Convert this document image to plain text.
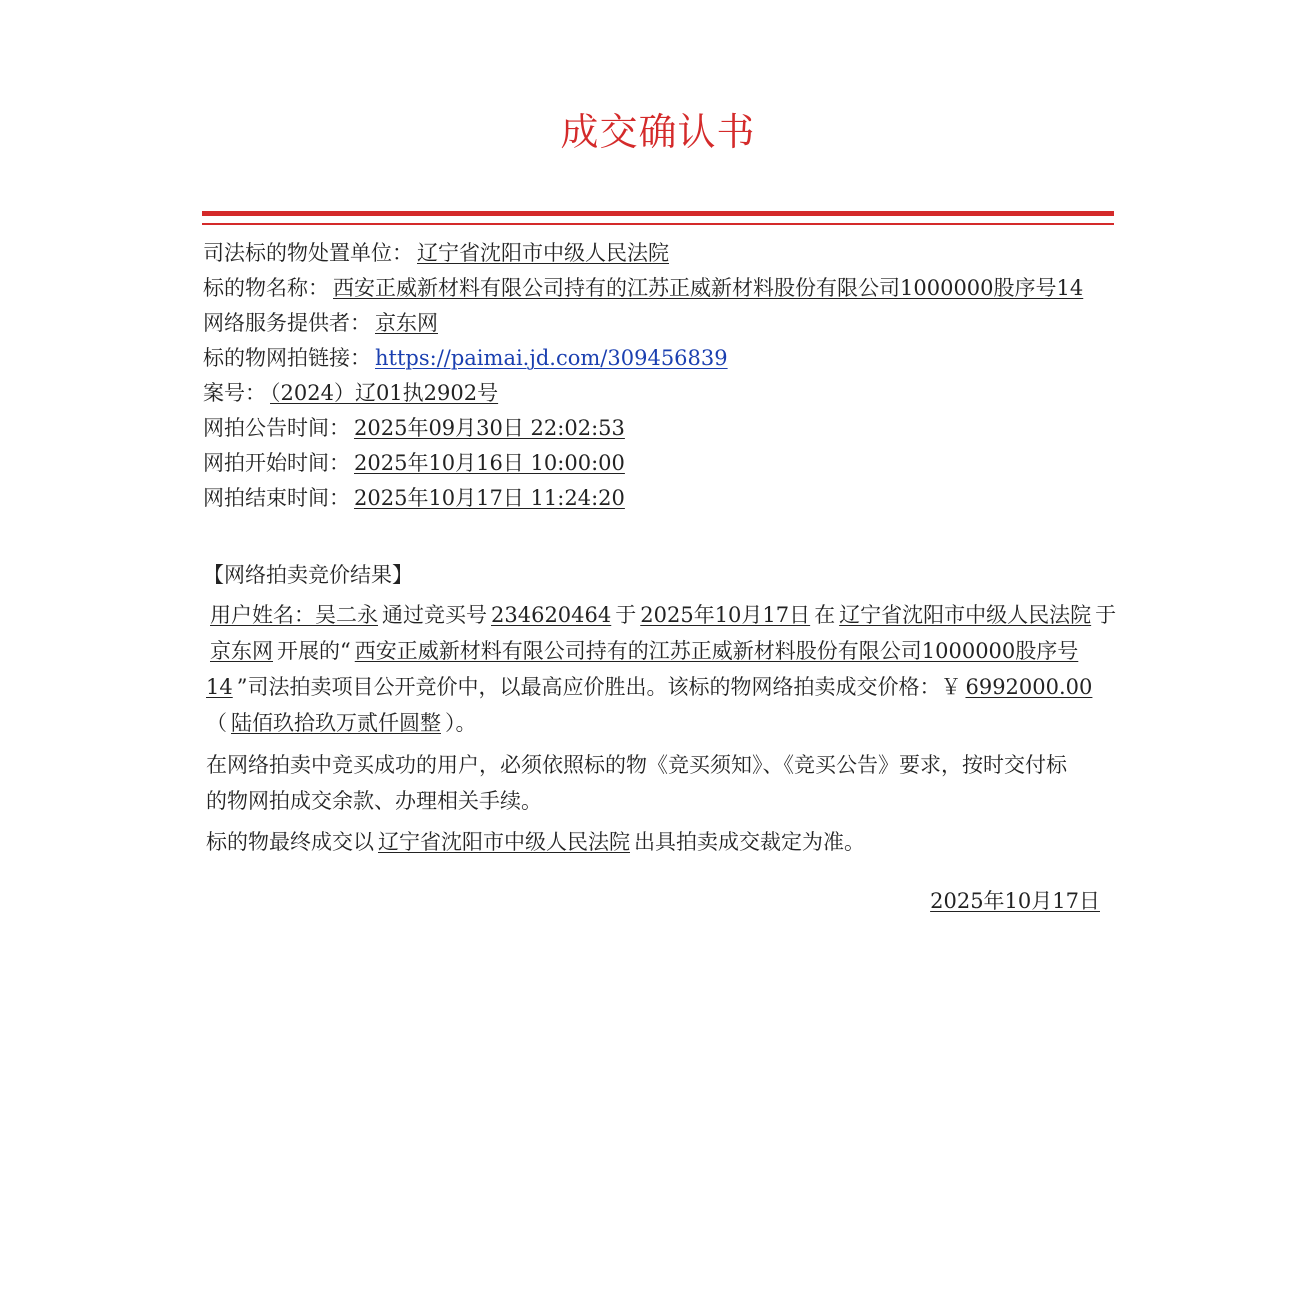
成交确认书
司法标的物处置单位： 辽宁省沈阳市中级人民法院
标的物名称： 西安正威新材料有限公司持有的江苏正威新材料股份有限公司1000000股序号14
网络服务提供者： 京东网
标的物网拍链接： https://paimai.jd.com/309456839
案号： （2024）辽01执2902号
网拍公告时间： 2025年09月30日 22:02:53
网拍开始时间： 2025年10月16日 10:00:00
网拍结束时间： 2025年10月17日 11:24:20
【网络拍卖竞价结果】
用户姓名：吴二永 通过竞买号 234620464 于 2025年10月17日 在 辽宁省沈阳市中级人民法院 于京东网 开展的“ 西安正威新材料有限公司持有的江苏正威新材料股份有限公司1000000股序号14 ”司法拍卖项目公开竞价中，以最高应价胜出。该标的物网络拍卖成交价格：￥ 6992000.00（ 陆佰玖拾玖万贰仟圆整 ）。
在网络拍卖中竞买成功的用户，必须依照标的物《竞买须知》、《竞买公告》要求，按时交付标的物网拍成交余款、办理相关手续。
标的物最终成交以 辽宁省沈阳市中级人民法院 出具拍卖成交裁定为准。
2025年10月17日
